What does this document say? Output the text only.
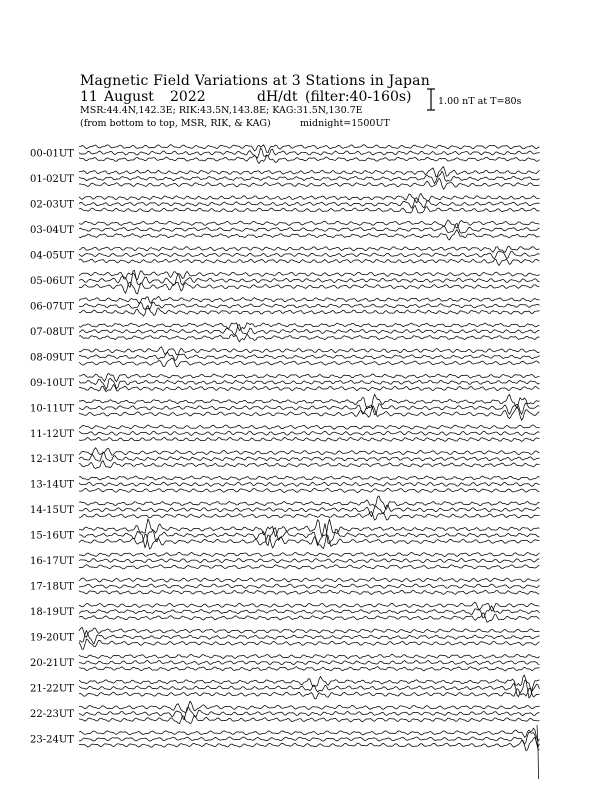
Magnetic Field Variations at 3 Stations in Japan
11 August 2022	dH/dt (filter:40-160s)
MSR:44.4N,142.3E; RIK:43.5N,143.8E; KAG:31.5N,130.7E
(from bottom to top, MSR, RIK, & KAG)	midnight=1500UT
1.00 nT at T=80s
00-01UT
01-02UT
02-03UT
03-04UT
04-05UT
05-06UT
06-07UT
07-08UT
08-09UT
09-10UT
10-11UT
11-12UT
12-13UT
13-14UT
14-15UT
15-16UT
16-17UT
17-18UT
18-19UT
19-20UT
20-21UT
21-22UT
22-23UT
23-24UT
